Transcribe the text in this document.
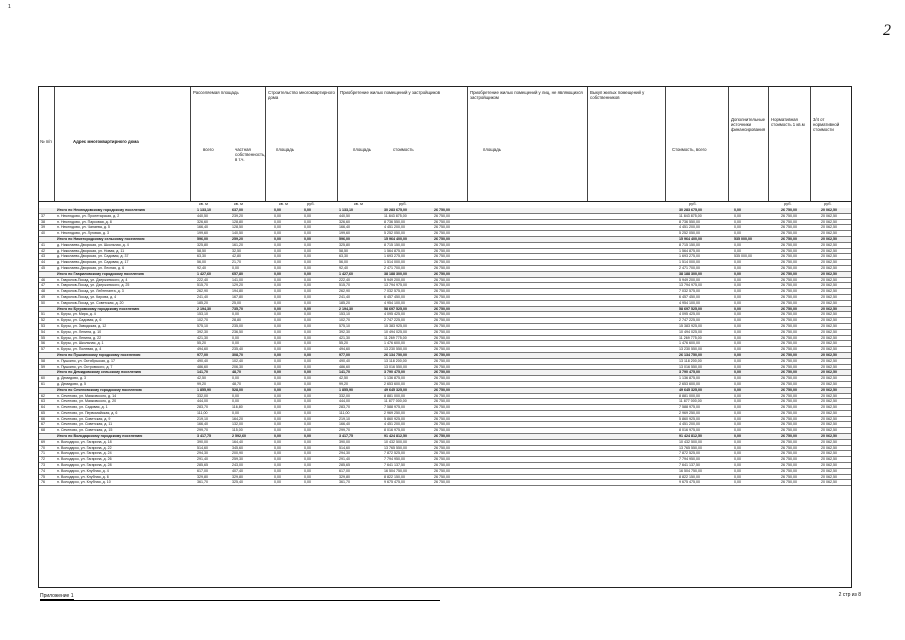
1
2
№ п/п	Адрес многоквартирного дома
Расселяемая площадь
всего	частная собственность, в т.ч.
Строительство многоквартирного дома
площадь
Приобретение жилых помещений у застройщиков
площадь	стоимость
Приобретение жилых помещений у лиц, не являющихся застройщиком
площадь
Выкуп жилых помещений у собственников
Стоимость, всего
Дополнительные источники финансирования
Нормативная стоимость 1 кв.м
3/4 от нормативной стоимости
кв. м	кв. м	кв. м	руб.	кв. м	руб.	руб.	руб.	руб.
Итого по Неклюдовскому городскому поселению	1 133,10	637,00	0,00	0,00	1 133,10	30 283 675,00	26 750,00	30 283 675,00	0,00	26 750,00	20 062,50
37	п. Неклюдово, ул. Пролетарская, д. 2	440,50	239,20	0,00	0,00	440,50	11 843 875,00	26 750,00	11 843 875,00	0,00	26 750,00	20 062,50
38	п. Неклюдово, ул. Парковая, д. 8	326,60	128,80	0,00	0,00	326,60	8 736 550,00	26 750,00	8 736 550,00	0,00	26 750,00	20 062,50
39	п. Неклюдово, ул. Чапаева, д. 5	166,40	128,50	0,00	0,00	166,40	4 451 200,00	26 750,00	4 451 200,00	0,00	26 750,00	20 062,50
40	п. Неклюдово, ул. Луговая, д. 3	199,60	140,50	0,00	0,00	199,60	5 252 050,00	26 750,00	5 252 050,00	0,00	26 750,00	20 062,50
Итого по Нижегородскому сельскому поселению	596,00	259,20	0,00	0,00	596,00	15 964 400,00	26 750,00	15 964 400,00	535 000,00	26 750,00	20 062,50
41	д. Николаево-Дворская, ул. Школьная, д. 4	325,80	161,20	0,00	0,00	325,80	8 715 150,00	26 750,00	8 715 150,00	0,00	26 750,00	20 062,50
42	д. Николаево-Дворская, ул. Новая, д. 11	58,50	32,50	0,00	0,00	58,50	1 564 875,00	26 750,00	1 564 875,00	0,00	26 750,00	20 062,50
43	д. Николаево-Дворская, ул. Садовая, д. 37	63,30	42,80	0,00	0,00	63,30	1 693 275,00	26 750,00	1 693 275,00	535 000,00	26 750,00	20 062,50
44	д. Николаево-Дворская, ул. Садовая, д. 17	56,00	21,70	0,00	0,00	56,00	1 514 000,00	26 750,00	1 514 000,00	0,00	26 750,00	20 062,50
45	д. Николаево-Дворская, ул. Лесная, д. 6	92,40	0,00	0,00	0,00	92,40	2 471 700,00	26 750,00	2 471 700,00	0,00	26 750,00	20 062,50
Итого по Гавриловскому городскому поселению	1 427,60	657,80	0,00	0,00	1 427,60	38 188 300,00	26 750,00	38 188 300,00	0,00	26 750,00	20 062,50
46	п. Гаврилов-Посад, ул. Дзержинского, д. 4	222,40	141,00	0,00	0,00	222,40	5 949 200,00	26 750,00	5 949 200,00	0,00	26 750,00	20 062,50
47	п. Гаврилов-Посад, ул. Дзержинского, д. 25	515,70	129,20	0,00	0,00	515,70	13 794 975,00	26 750,00	13 794 975,00	0,00	26 750,00	20 062,50
48	п. Гаврилов-Посад, ул. Лейтенанта, д. 3	262,90	194,80	0,00	0,00	262,90	7 032 575,00	26 750,00	7 032 575,00	0,00	26 750,00	20 062,50
49	п. Гаврилов-Посад, ул. Кирова, д. 4	241,40	167,80	0,00	0,00	241,40	6 457 450,00	26 750,00	6 457 450,00	0,00	26 750,00	20 062,50
50	п. Гаврилов-Посад, ул. Советская, д. 20	185,20	25,00	0,00	0,00	185,20	4 954 100,00	26 750,00	4 954 100,00	0,00	26 750,00	20 062,50
Итого по Бугровскому городскому поселению	2 194,30	735,70	0,00	0,00	2 194,30	58 697 525,00	26 750,00	58 697 525,00	0,00	26 750,00	20 062,50
51	п. Бугры, ул. Мира, д. 4	153,10	0,00	0,00	0,00	153,10	4 095 425,00	26 750,00	4 095 425,00	0,00	26 750,00	20 062,50
52	п. Бугры, ул. Садовая, д. 6	102,70	28,80	0,00	0,00	102,70	2 747 225,00	26 750,00	2 747 225,00	0,00	26 750,00	20 062,50
53	п. Бугры, ул. Заводская, д. 12	575,10	235,00	0,00	0,00	575,10	15 383 925,00	26 750,00	15 383 925,00	0,00	26 750,00	20 062,50
54	п. Бугры, ул. Ленина, д. 10	392,30	236,50	0,00	0,00	392,30	10 494 025,00	26 750,00	10 494 025,00	0,00	26 750,00	20 062,50
55	п. Бугры, ул. Ленина, д. 22	421,30	0,00	0,00	0,00	421,30	11 269 775,00	26 750,00	11 269 775,00	0,00	26 750,00	20 062,50
56	п. Бугры, ул. Школьная, д. 1	55,20	0,00	0,00	0,00	55,20	1 476 600,00	26 750,00	1 476 600,00	0,00	26 750,00	20 062,50
57	п. Бугры, ул. Полевая, д. 4	494,60	235,40	0,00	0,00	494,60	13 230 550,00	26 750,00	13 230 550,00	0,00	26 750,00	20 062,50
Итого по Пушкинскому городскому поселению	977,00	308,70	0,00	0,00	977,00	26 134 750,00	26 750,00	26 134 750,00	0,00	26 750,00	20 062,50
58	п. Пушкино, ул. Октябрьская, д. 17	490,40	102,40	0,00	0,00	490,40	13 118 200,00	26 750,00	13 118 200,00	0,00	26 750,00	20 062,50
59	п. Пушкино, ул. Островского, д. 7	486,60	206,30	0,00	0,00	486,60	13 016 550,00	26 750,00	13 016 550,00	0,00	26 750,00	20 062,50
Итого по Демидовскому сельскому поселению	141,70	48,70	0,00	0,00	141,70	3 790 475,00	26 750,00	3 790 475,00	0,00	26 750,00	20 062,50
60	д. Демидово, д. 3	42,50	0,00	0,00	0,00	42,50	1 136 875,00	26 750,00	1 136 875,00	0,00	26 750,00	20 062,50
61	д. Демидово, д. 5	99,20	48,70	0,00	0,00	99,20	2 653 600,00	26 750,00	2 653 600,00	0,00	26 750,00	20 062,50
Итого по Сеченовскому городскому поселению	1 855,90	528,00	0,00	0,00	1 855,90	49 645 325,00	26 750,00	49 645 325,00	0,00	26 750,00	20 062,50
62	п. Сеченово, ул. Маяковского, д. 14	332,00	0,00	0,00	0,00	332,00	8 881 000,00	26 750,00	8 881 000,00	0,00	26 750,00	20 062,50
63	п. Сеченово, ул. Маяковского, д. 20	444,00	0,00	0,00	0,00	444,00	11 877 000,00	26 750,00	11 877 000,00	0,00	26 750,00	20 062,50
64	п. Сеченово, ул. Садовая, д. 1	283,70	116,80	0,00	0,00	283,70	7 588 975,00	26 750,00	7 588 975,00	0,00	26 750,00	20 062,50
65	п. Сеченово, ул. Первомайская, д. 6	111,00	0,00	0,00	0,00	111,00	2 969 250,00	26 750,00	2 969 250,00	0,00	26 750,00	20 062,50
66	п. Сеченово, ул. Советская, д. 9	219,10	164,20	0,00	0,00	219,10	5 860 925,00	26 750,00	5 860 925,00	0,00	26 750,00	20 062,50
67	п. Сеченово, ул. Советская, д. 11	166,40	132,00	0,00	0,00	166,40	4 451 200,00	26 750,00	4 451 200,00	0,00	26 750,00	20 062,50
68	п. Сеченово, ул. Советская, д. 15	299,70	115,00	0,00	0,00	299,70	8 016 975,00	26 750,00	8 016 975,00	0,00	26 750,00	20 062,50
Итого по Володарскому городскому поселению	3 417,75	2 592,60	0,00	0,00	3 417,75	91 424 812,50	26 750,00	91 424 812,50	0,00	26 750,00	20 062,50
69	п. Володарск, ул. Гагарина, д. 18	390,00	164,40	0,00	0,00	390,00	10 432 500,00	26 750,00	10 432 500,00	0,00	26 750,00	20 062,50
70	п. Володарск, ул. Гагарина, д. 22	514,60	345,60	0,00	0,00	514,60	13 765 550,00	26 750,00	13 765 550,00	0,00	26 750,00	20 062,50
71	п. Володарск, ул. Гагарина, д. 24	294,30	200,90	0,00	0,00	294,30	7 872 525,00	26 750,00	7 872 525,00	0,00	26 750,00	20 062,50
72	п. Володарск, ул. Гагарина, д. 26	291,40	259,30	0,00	0,00	291,40	7 794 950,00	26 750,00	7 794 950,00	0,00	26 750,00	20 062,50
73	п. Володарск, ул. Гагарина, д. 28	285,65	243,00	0,00	0,00	285,65	7 641 137,50	26 750,00	7 641 137,50	0,00	26 750,00	20 062,50
74	п. Володарск, ул. Клубная, д. 4	617,00	407,40	0,00	0,00	617,00	16 504 750,00	26 750,00	16 504 750,00	0,00	26 750,00	20 062,50
75	п. Володарск, ул. Клубная, д. 6	329,80	329,80	0,00	0,00	329,80	8 822 150,00	26 750,00	8 822 150,00	0,00	26 750,00	20 062,50
76	п. Володарск, ул. Клубная, д. 10	361,70	325,40	0,00	0,00	361,70	9 675 475,00	26 750,00	9 675 475,00	0,00	26 750,00	20 062,50
Приложение 1	2 стр из 8
